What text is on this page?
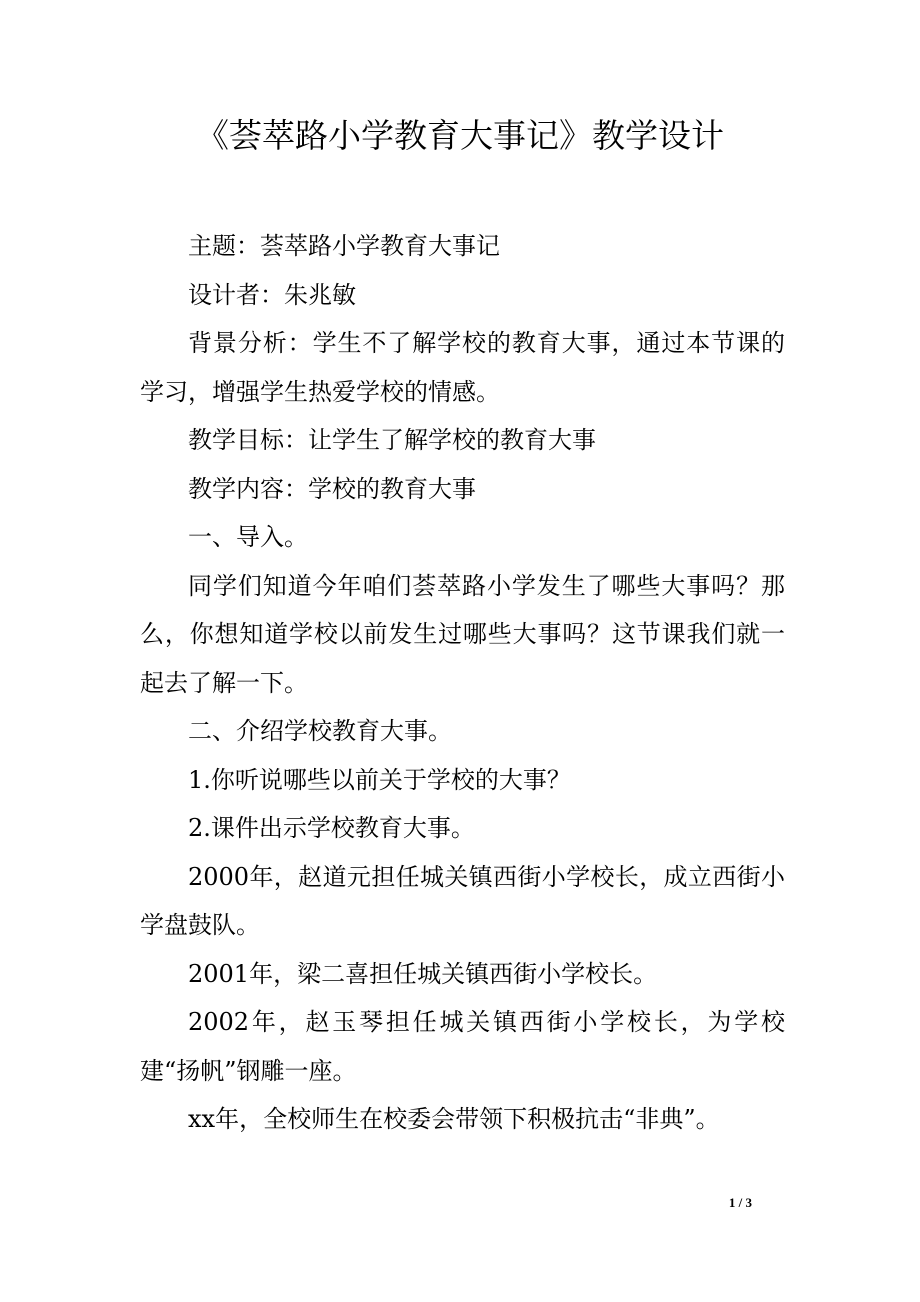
《荟萃路小学教育大事记》教学设计

主题：荟萃路小学教育大事记

设计者：朱兆敏

背景分析：学生不了解学校的教育大事，通过本节课的学习，增强学生热爱学校的情感。

教学目标：让学生了解学校的教育大事

教学内容：学校的教育大事

一、导入。

同学们知道今年咱们荟萃路小学发生了哪些大事吗？那么，你想知道学校以前发生过哪些大事吗？这节课我们就一起去了解一下。

二、介绍学校教育大事。

1.你听说哪些以前关于学校的大事？

2.课件出示学校教育大事。

2000年，赵道元担任城关镇西街小学校长，成立西街小学盘鼓队。

2001年，梁二喜担任城关镇西街小学校长。

2002年，赵玉琴担任城关镇西街小学校长，为学校建“扬帆”钢雕一座。

xx年，全校师生在校委会带领下积极抗击“非典”。

1 / 3
